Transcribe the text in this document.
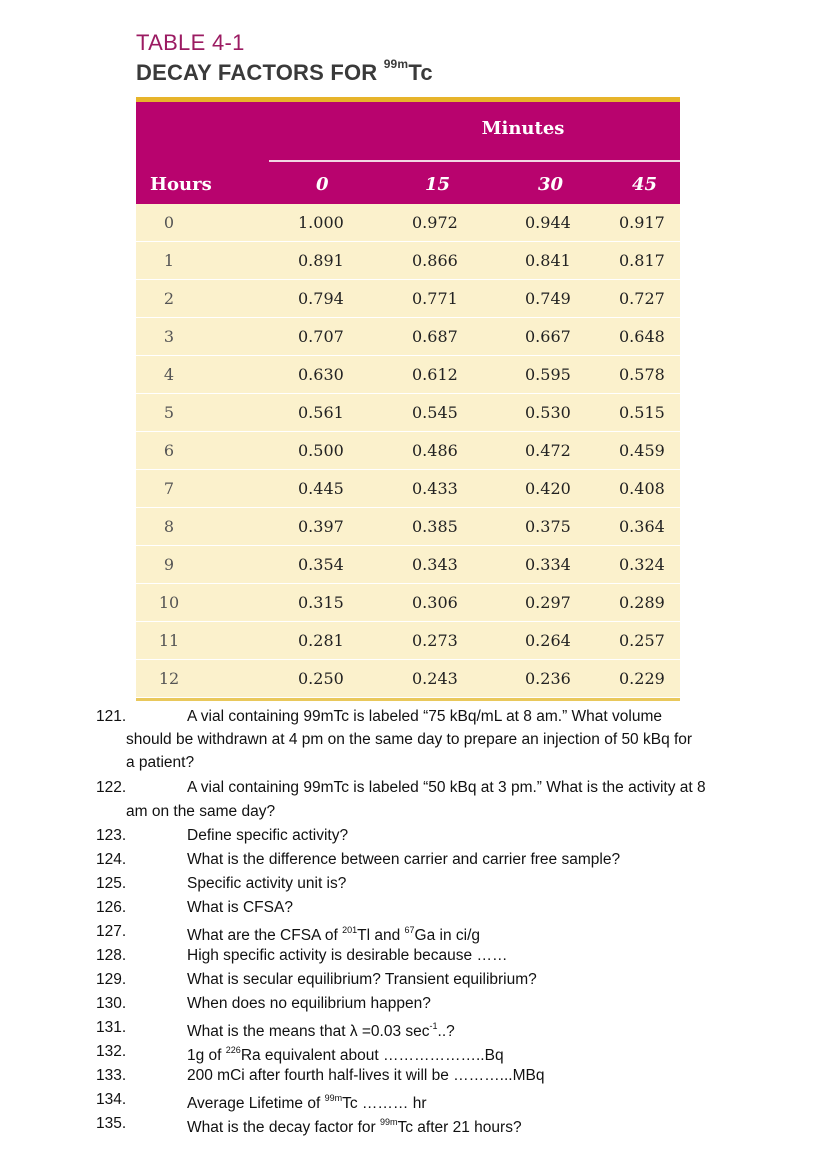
TABLE 4-1
DECAY FACTORS FOR $^{99m}$Tc
Minutes
Hours	0	15	30	45
0	1.000	0.972	0.944	0.917
1	0.891	0.866	0.841	0.817
2	0.794	0.771	0.749	0.727
3	0.707	0.687	0.667	0.648
4	0.630	0.612	0.595	0.578
5	0.561	0.545	0.530	0.515
6	0.500	0.486	0.472	0.459
7	0.445	0.433	0.420	0.408
8	0.397	0.385	0.375	0.364
9	0.354	0.343	0.334	0.324
10	0.315	0.306	0.297	0.289
11	0.281	0.273	0.264	0.257
12	0.250	0.243	0.236	0.229
121.	A vial containing 99mTc is labeled “75 kBq/mL at 8 am.” What volume
should be withdrawn at 4 pm on the same day to prepare an injection of 50 kBq for
a patient?
122.	A vial containing 99mTc is labeled “50 kBq at 3 pm.” What is the activity at 8
am on the same day?
123.	Define specific activity?
124.	What is the difference between carrier and carrier free sample?
125.	Specific activity unit is?
126.	What is CFSA?
127.	What are the CFSA of $^{201}$Tl and $^{67}$Ga in ci/g
128.	High specific activity is desirable because ……
129.	What is secular equilibrium? Transient equilibrium?
130.	When does no equilibrium happen?
131.	What is the means that λ =0.03 $\sec^{-1}$..?
132.	1g of $^{226}$Ra equivalent about ………………..Bq
133.	200 mCi after fourth half-lives it will be ………...MBq
134.	Average Lifetime of $^{99m}$Tc ……… hr
135.	What is the decay factor for $^{99m}$Tc after 21 hours?
